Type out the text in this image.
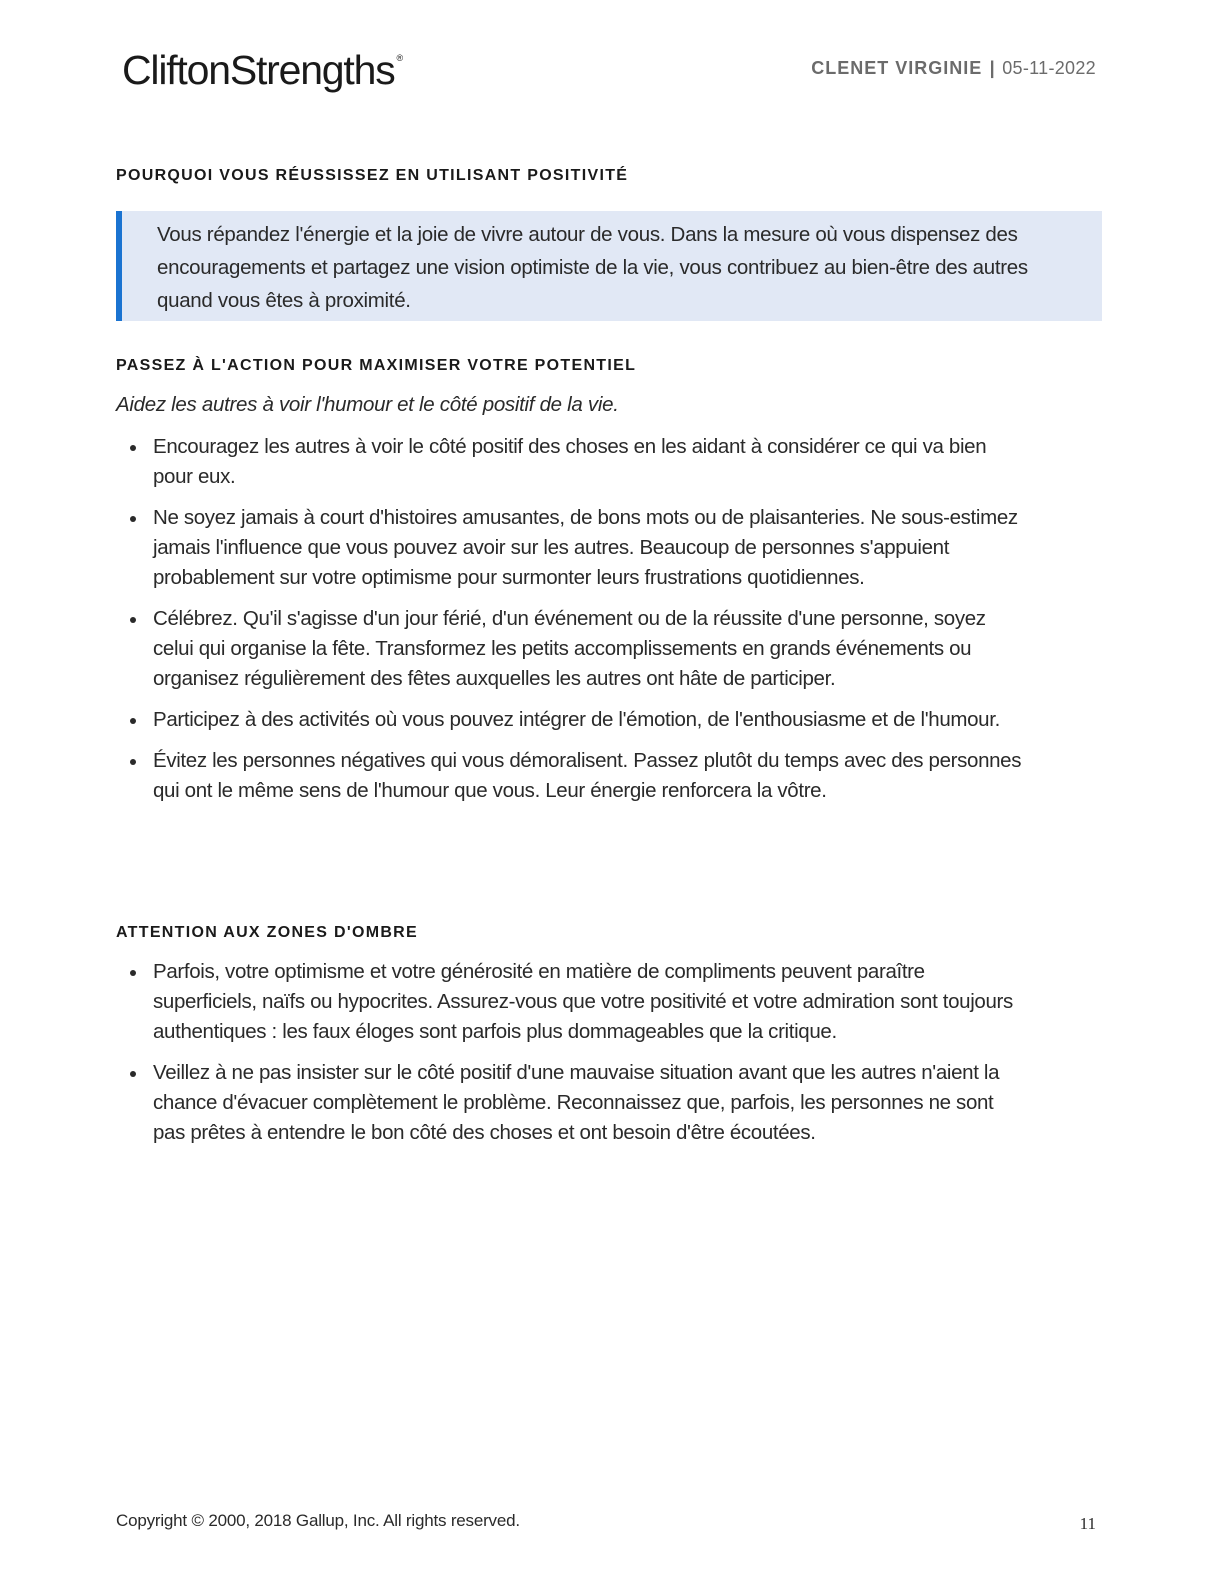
CliftonStrengths ®	CLENET VIRGINIE | 05-11-2022
POURQUOI VOUS RÉUSSISSEZ EN UTILISANT POSITIVITÉ

Vous répandez l'énergie et la joie de vivre autour de vous. Dans la mesure où vous dispensez des encouragements et partagez une vision optimiste de la vie, vous contribuez au bien-être des autres quand vous êtes à proximité.

PASSEZ À L'ACTION POUR MAXIMISER VOTRE POTENTIEL

Aidez les autres à voir l'humour et le côté positif de la vie.

Encouragez les autres à voir le côté positif des choses en les aidant à considérer ce qui va bien pour eux.
Ne soyez jamais à court d'histoires amusantes, de bons mots ou de plaisanteries. Ne sous-estimez jamais l'influence que vous pouvez avoir sur les autres. Beaucoup de personnes s'appuient probablement sur votre optimisme pour surmonter leurs frustrations quotidiennes.
Célébrez. Qu'il s'agisse d'un jour férié, d'un événement ou de la réussite d'une personne, soyez celui qui organise la fête. Transformez les petits accomplissements en grands événements ou organisez régulièrement des fêtes auxquelles les autres ont hâte de participer.
Participez à des activités où vous pouvez intégrer de l'émotion, de l'enthousiasme et de l'humour.
Évitez les personnes négatives qui vous démoralisent. Passez plutôt du temps avec des personnes qui ont le même sens de l'humour que vous. Leur énergie renforcera la vôtre.
ATTENTION AUX ZONES D'OMBRE
Parfois, votre optimisme et votre générosité en matière de compliments peuvent paraître superficiels, naïfs ou hypocrites. Assurez-vous que votre positivité et votre admiration sont toujours authentiques : les faux éloges sont parfois plus dommageables que la critique.
Veillez à ne pas insister sur le côté positif d'une mauvaise situation avant que les autres n'aient la chance d'évacuer complètement le problème. Reconnaissez que, parfois, les personnes ne sont pas prêtes à entendre le bon côté des choses et ont besoin d'être écoutées.
Copyright © 2000, 2018 Gallup, Inc. All rights reserved.	11
